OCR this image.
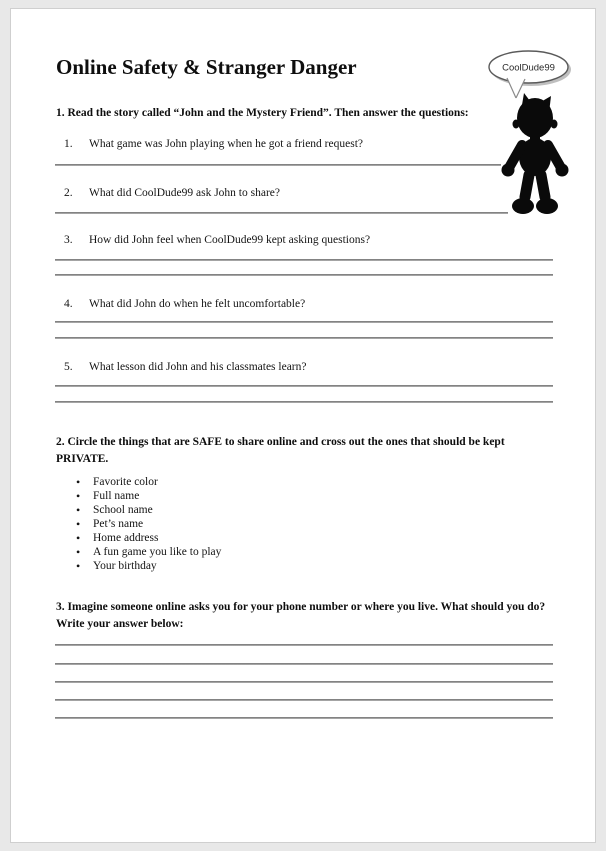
Online Safety & Stranger Danger
1. Read the story called “John and the Mystery Friend”. Then answer the questions:
2. Circle the things that are SAFE to share online and cross out the ones that should be kept PRIVATE.
3. Imagine someone online asks you for your phone number or where you live. What should you do? Write your answer below:
CoolDude99
1. What game was John playing when he got a friend request?
2. What did CoolDude99 ask John to share?
3. How did John feel when CoolDude99 kept asking questions?
4. What did John do when he felt uncomfortable?
5. What lesson did John and his classmates learn?
• Favorite color
• Full name
• School name
• Pet’s name
• Home address
• A fun game you like to play
• Your birthday
